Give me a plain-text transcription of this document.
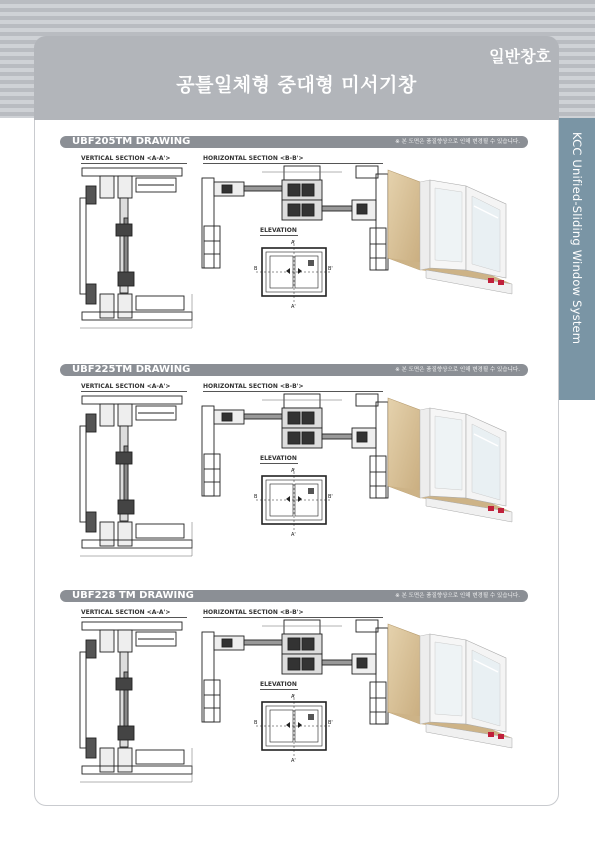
일반창호
공틀일체형 중대형 미서기창
KCC Unified-Sliding Window System
UBF205TM DRAWING	※ 본 도면은 품질향상으로 인해 변경될 수 있습니다.
VERTICAL SECTION <A-A'>	HORIZONTAL SECTION <B-B'>
ELEVATION
A
A'
B	B'
UBF225TM DRAWING	※ 본 도면은 품질향상으로 인해 변경될 수 있습니다.
VERTICAL SECTION <A-A'>	HORIZONTAL SECTION <B-B'>
ELEVATION
A
A'
B	B'
UBF228 TM DRAWING	※ 본 도면은 품질향상으로 인해 변경될 수 있습니다.
VERTICAL SECTION <A-A'>	HORIZONTAL SECTION <B-B'>
ELEVATION
A
A'
B	B'
